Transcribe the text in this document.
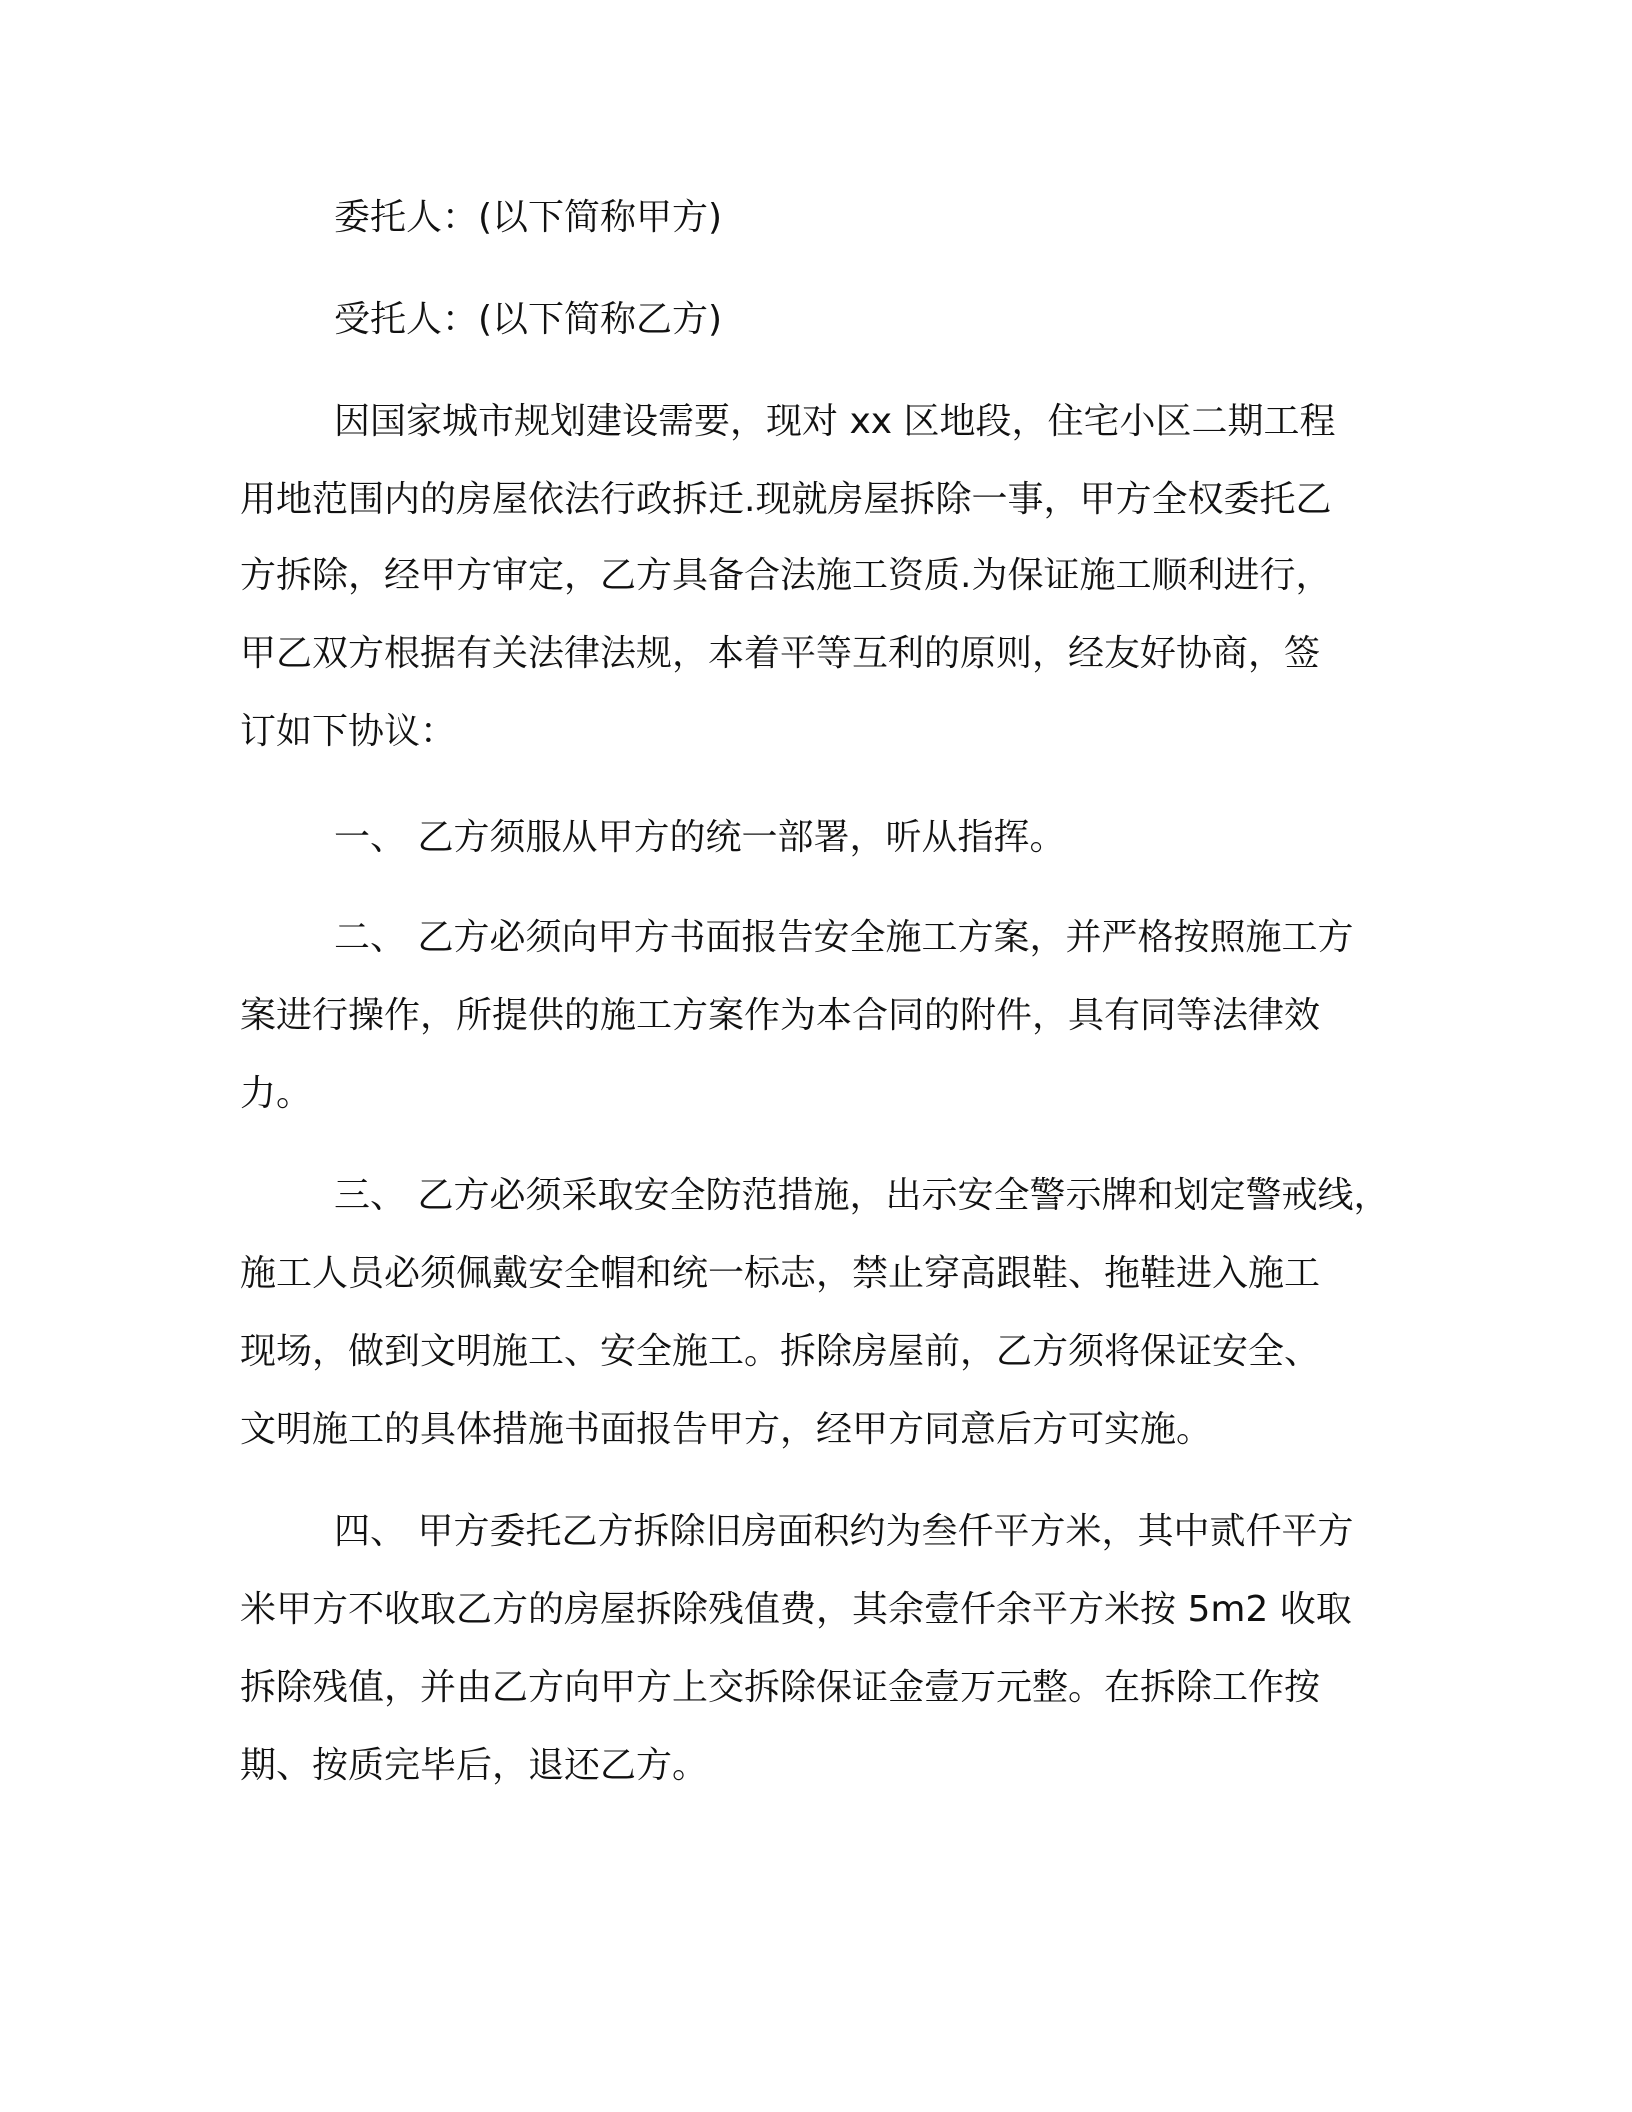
委托人：(以下简称甲方)
受托人：(以下简称乙方)
因国家城市规划建设需要，现对 xx 区地段，住宅小区二期工程
用地范围内的房屋依法行政拆迁.现就房屋拆除一事，甲方全权委托乙
方拆除，经甲方审定，乙方具备合法施工资质.为保证施工顺利进行，
甲乙双方根据有关法律法规，本着平等互利的原则，经友好协商，签
订如下协议：
一、 乙方须服从甲方的统一部署，听从指挥。
二、 乙方必须向甲方书面报告安全施工方案，并严格按照施工方
案进行操作，所提供的施工方案作为本合同的附件，具有同等法律效
力。
三、 乙方必须采取安全防范措施，出示安全警示牌和划定警戒线，
施工人员必须佩戴安全帽和统一标志，禁止穿高跟鞋、拖鞋进入施工
现场，做到文明施工、安全施工。拆除房屋前，乙方须将保证安全、
文明施工的具体措施书面报告甲方，经甲方同意后方可实施。
四、 甲方委托乙方拆除旧房面积约为叁仟平方米，其中贰仟平方
米甲方不收取乙方的房屋拆除残值费，其余壹仟余平方米按 5m2 收取
拆除残值，并由乙方向甲方上交拆除保证金壹万元整。在拆除工作按
期、按质完毕后，退还乙方。
